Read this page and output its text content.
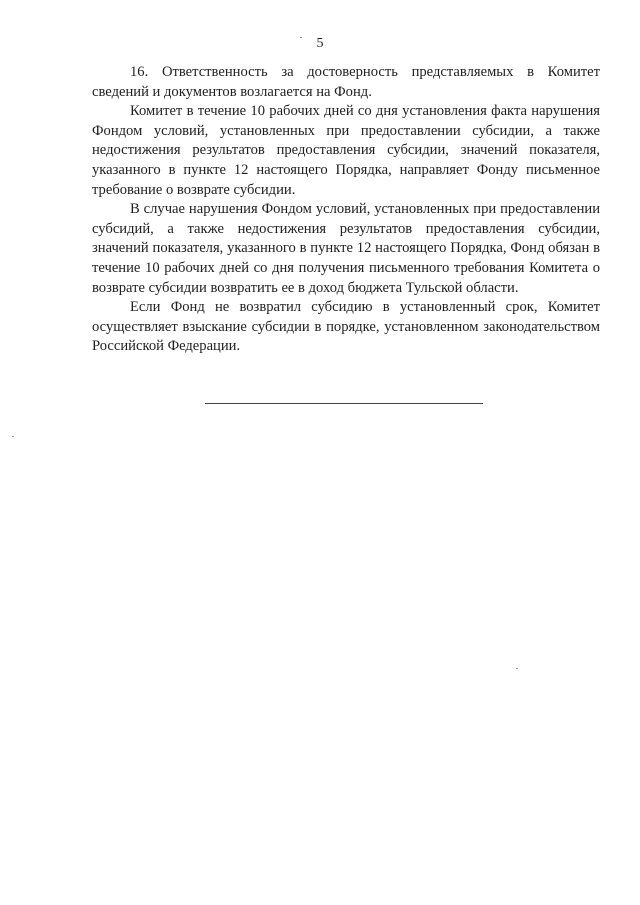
5

16. Ответственность за достоверность представляемых в Комитет сведений и документов возлагается на Фонд.

Комитет в течение 10 рабочих дней со дня установления факта нарушения Фондом условий, установленных при предоставлении субсидии, а также недостижения результатов предоставления субсидии, значений показателя, указанного в пункте 12 настоящего Порядка, направляет Фонду письменное требование о возврате субсидии.

В случае нарушения Фондом условий, установленных при предоставлении субсидий, а также недостижения результатов предоставления субсидии, значений показателя, указанного в пункте 12 настоящего Порядка, Фонд обязан в течение 10 рабочих дней со дня получения письменного требования Комитета о возврате субсидии возвратить ее в доход бюджета Тульской области.

Если Фонд не возвратил субсидию в установленный срок, Комитет осуществляет взыскание субсидии в порядке, установленном законодательством Российской Федерации.
